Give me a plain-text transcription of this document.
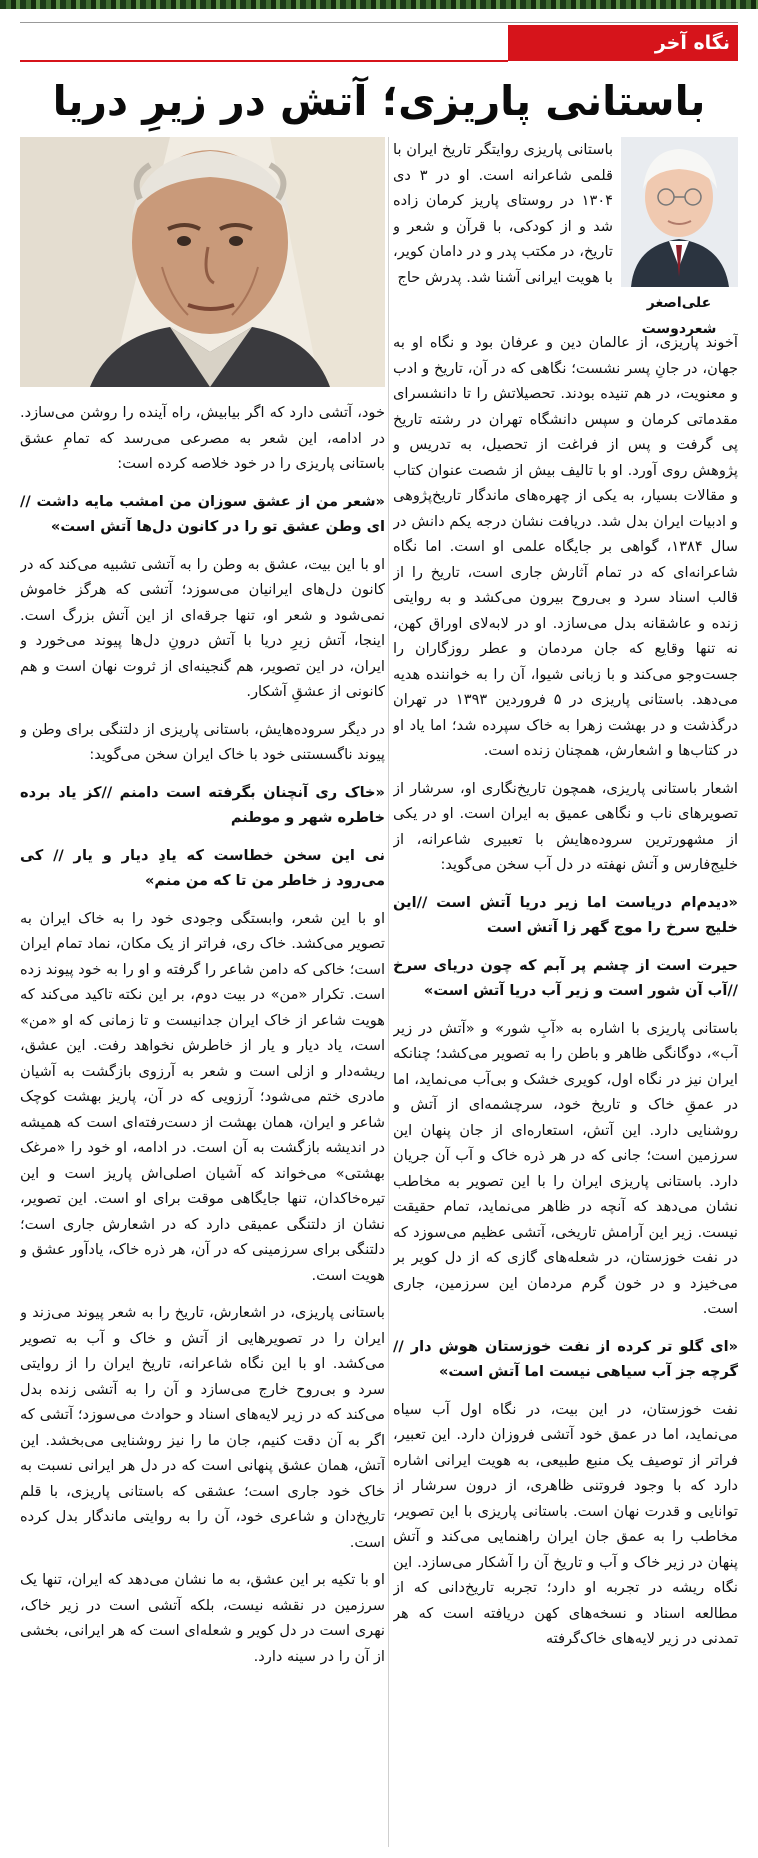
نگاه آخر
باستانی‌ پاریزی؛ آتش در زیرِ دریا
علی‌اصغر شعردوست

باستانی‌ پاریزی روایتگر تاریخ ایران با قلمی شاعرانه است. او در ۳ دی ۱۳۰۴ در روستای پاریز کرمان زاده شد و از کودکی، با قرآن و شعر و تاریخ، در مکتب پدر و در دامان کویر، با هویت ایرانی آشنا شد. پدرش حاج

آخوند پاریزی، از عالمان دین و عرفان بود و نگاه او به جهان، در جانِ پسر نشست؛ نگاهی که در آن، تاریخ و ادب و معنویت، در هم تنیده بودند. تحصیلاتش را تا دانشسرای مقدماتی کرمان و سپس دانشگاه تهران در رشته تاریخ پی گرفت و پس از فراغت از تحصیل، به تدریس و پژوهش روی آورد. او با تالیف بیش از شصت عنوان کتاب و مقالات بسیار، به یکی از چهره‌های ماندگار تاریخ‌پژوهی و ادبیات ایران بدل شد. دریافت نشان درجه یکم دانش در سال ۱۳۸۴، گواهی بر جایگاه علمی او است. اما نگاه شاعرانه‌ای که در تمام آثارش جاری است، تاریخ را از قالب اسناد سرد و بی‌روح بیرون می‌کشد و به روایتی زنده و عاشقانه بدل می‌سازد. او در لابه‌لای اوراق کهن، نه تنها وقایع که جان مردمان و عطر روزگاران را جست‌وجو می‌کند و با زبانی شیوا، آن را به خواننده هدیه می‌دهد. باستانی‌ پاریزی در ۵ فروردین ۱۳۹۳ در تهران درگذشت و در بهشت زهرا به خاک سپرده شد؛ اما یاد او در کتاب‌ها و اشعارش، همچنان زنده است.

اشعار باستانی‌ پاریزی، همچون تاریخ‌نگاری او، سرشار از تصویرهای ناب و نگاهی عمیق به ایران است. او در یکی از مشهورترین سروده‌هایش با تعبیری شاعرانه، از خلیج‌فارس و آتش نهفته در دل آب سخن می‌گوید:

«دیدم‌ام دریاست اما زیر دریا آتش است //این خلیج سرخ را موج گهر زا آتش است

حیرت است از چشم پر آبم که چون دریای سرخ //آب آن شور است و زیر آب دریا آتش است»

باستانی‌ پاریزی با اشاره به «آبِ شور» و «آتش در زیر آب»، دوگانگی ظاهر و باطن را به تصویر می‌کشد؛ چنانکه ایران نیز در نگاه اول، کویری خشک و بی‌آب می‌نماید، اما در عمقِ خاک و تاریخ خود، سرچشمه‌ای از آتش و روشنایی دارد. این آتش، استعاره‌ای از جان پنهان این سرزمین است؛ جانی که در هر ذره خاک و آب آن جریان دارد. باستانی‌ پاریزی ایران را با این تصویر به مخاطب نشان می‌دهد که آنچه در ظاهر می‌نماید، تمام حقیقت نیست. زیر این آرامش تاریخی، آتشی عظیم می‌سوزد که در نفت خوزستان، در شعله‌های گازی که از دل کویر بر می‌خیزد و در خون گرم مردمان این سرزمین، جاری است.

«ای گلو تر کرده از نفت خوزستان هوش دار // گرچه جز آب سیاهی نیست اما آتش است»

نفت خوزستان، در این بیت، در نگاه اول آب سیاه می‌نماید، اما در عمق خود آتشی فروزان دارد. این تعبیر، فراتر از توصیف یک منبع طبیعی، به هویت ایرانی اشاره دارد که با وجود فروتنی ظاهری، از درون سرشار از توانایی و قدرت نهان است. باستانی‌ پاریزی با این تصویر، مخاطب را به عمق جان ایران راهنمایی می‌کند و آتش پنهان در زیر خاک و آب و تاریخ آن را آشکار می‌سازد. این نگاه ریشه در تجربه او دارد؛ تجربه تاریخ‌دانی که از مطالعه اسناد و نسخه‌های کهن دریافته است که هر تمدنی در زیر لایه‌های خاک‌گرفته

خود، آتشی دارد که اگر بیابیش، راه آینده را روشن می‌سازد. در ادامه، این شعر به مصرعی می‌رسد که تمامِ عشق باستانی‌ پاریزی را در خود خلاصه کرده است:

«شعر من از عشق سوزان من امشب مایه داشت //ای وطن عشق تو را در کانون دل‌ها آتش است»

او با این بیت، عشق به وطن را به آتشی تشبیه می‌کند که در کانون دل‌های ایرانیان می‌سوزد؛ آتشی که هرگز خاموش نمی‌شود و شعر او، تنها جرقه‌ای از این آتش بزرگ است. اینجا، آتش زیرِ دریا با آتش درونِ دل‌ها پیوند می‌خورد و ایران، در این تصویر، هم گنجینه‌ای از ثروت نهان است و هم کانونی از عشقِ آشکار.

در دیگر سروده‌هایش، باستانی‌ پاریزی از دلتنگی برای وطن و پیوند ناگسستنی خود با خاک ایران سخن می‌گوید:

«خاک ری آنچنان بگرفته است دامنم //کز یاد برده خاطره شهر و موطنم

نی این سخن خطاست که یادِ دیار و یار // کی می‌رود ز خاطر من تا که من منم»

او با این شعر، وابستگی وجودی خود را به خاک ایران به تصویر می‌کشد. خاک ری، فراتر از یک مکان، نماد تمام ایران است؛ خاکی که دامن شاعر را گرفته و او را به خود پیوند زده است. تکرار «من» در بیت دوم، بر این نکته تاکید می‌کند که هویت شاعر از خاک ایران جدانیست و تا زمانی که او «من» است، یاد دیار و یار از خاطرش نخواهد رفت. این عشق، ریشه‌دار و ازلی است و شعر به آرزوی بازگشت به آشیان مادری ختم می‌شود؛ آرزویی که در آن، پاریز بهشت کوچک شاعر و ایران، همان بهشت از دست‌رفته‌ای است که همیشه در اندیشه بازگشت به آن است. در ادامه، او خود را «مرغک بهشتی» می‌خواند که آشیان اصلی‌اش پاریز است و این تیره‌خاکدان، تنها جایگاهی موقت برای او است. این تصویر، نشان از دلتنگی عمیقی دارد که در اشعارش جاری است؛ دلتنگی برای سرزمینی که در آن، هر ذره خاک، یادآور عشق و هویت است.

باستانی‌ پاریزی، در اشعارش، تاریخ را به شعر پیوند می‌زند و ایران را در تصویرهایی از آتش و خاک و آب به تصویر می‌کشد. او با این نگاه شاعرانه، تاریخ ایران را از روایتی سرد و بی‌روح خارج می‌سازد و آن را به آتشی زنده بدل می‌کند که در زیر لایه‌های اسناد و حوادث می‌سوزد؛ آتشی که اگر به آن دقت کنیم، جان ما را نیز روشنایی می‌بخشد. این آتش، همان عشق پنهانی است که در دل هر ایرانی نسبت به خاک خود جاری است؛ عشقی که باستانی‌ پاریزی، با قلم تاریخ‌دان و شاعری خود، آن را به روایتی ماندگار بدل کرده است.

او با تکیه بر این عشق، به ما نشان می‌دهد که ایران، تنها یک سرزمین در نقشه نیست، بلکه آتشی است در زیر خاک، نهری است در دل کویر و شعله‌ای است که هر ایرانی، بخشی از آن را در سینه دارد.
